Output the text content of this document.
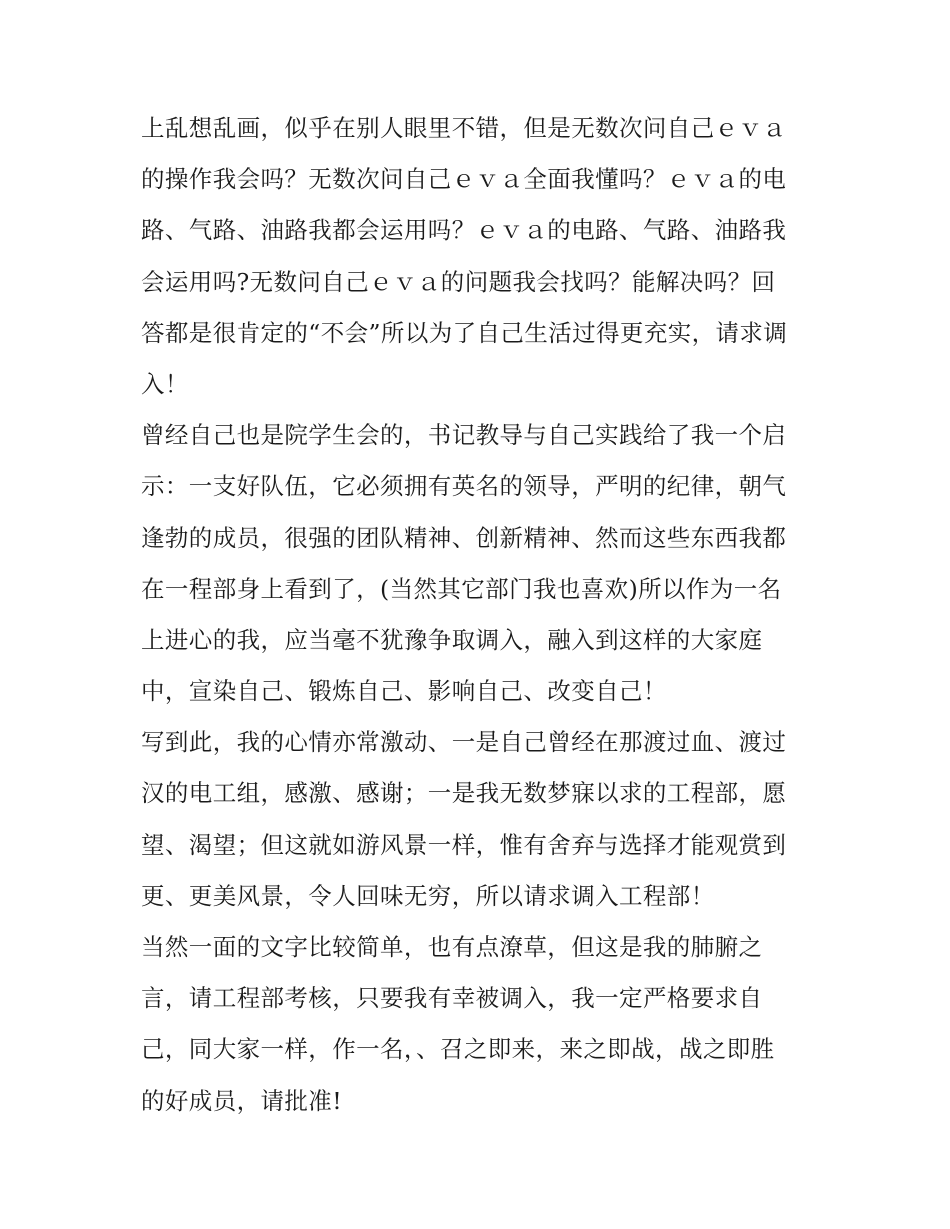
上乱想乱画，似乎在别人眼里不错，但是无数次问自己ｅｖａ
的操作我会吗？无数次问自己ｅｖａ全面我懂吗？ｅｖａ的电
路、气路、油路我都会运用吗？ｅｖａ的电路、气路、油路我
会运用吗?无数问自己ｅｖａ的问题我会找吗？能解决吗？回
答都是很肯定的“不会”所以为了自己生活过得更充实，请求调
入！
曾经自己也是院学生会的，书记教导与自己实践给了我一个启
示：一支好队伍，它必须拥有英名的领导，严明的纪律，朝气
逢勃的成员，很强的团队精神、创新精神、然而这些东西我都
在一程部身上看到了，(当然其它部门我也喜欢)所以作为一名
上进心的我，应当毫不犹豫争取调入，融入到这样的大家庭
中，宣染自己、锻炼自己、影响自己、改变自己！
写到此，我的心情亦常激动、一是自己曾经在那渡过血、渡过
汉的电工组，感激、感谢；一是我无数梦寐以求的工程部，愿
望、渴望；但这就如游风景一样，惟有舍弃与选择才能观赏到
更、更美风景，令人回味无穷，所以请求调入工程部！
当然一面的文字比较简单，也有点潦草，但这是我的肺腑之
言，请工程部考核，只要我有幸被调入，我一定严格要求自
己，同大家一样，作一名，、召之即来，来之即战，战之即胜
的好成员，请批准!
